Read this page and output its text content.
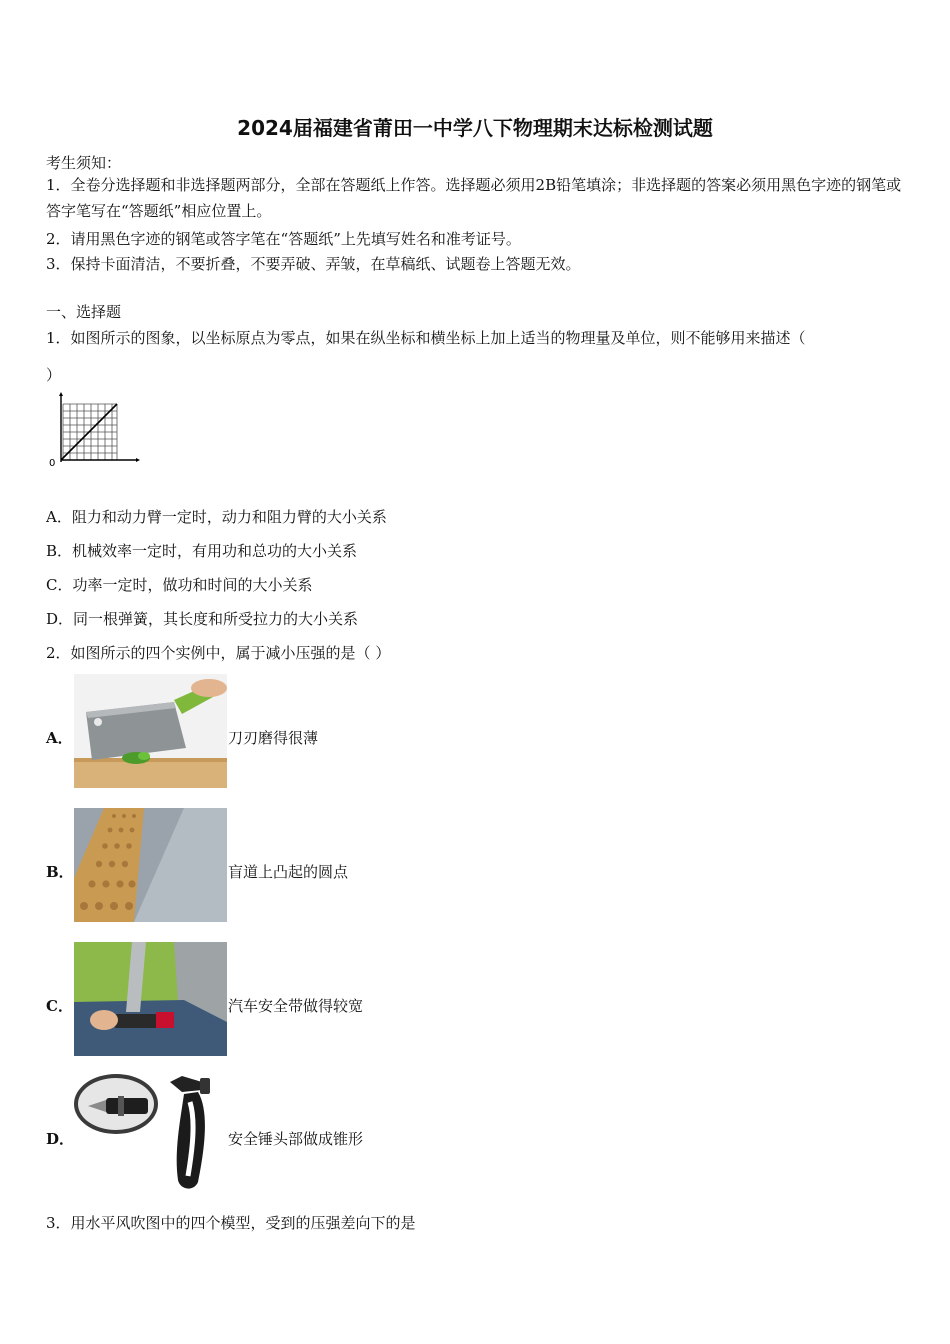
2024届福建省莆田一中学八下物理期末达标检测试题
考生须知：
1．全卷分选择题和非选择题两部分，全部在答题纸上作答。选择题必须用2B铅笔填涂；非选择题的答案必须用黑色字迹的钢笔或答字笔写在“答题纸”相应位置上。
2．请用黑色字迹的钢笔或答字笔在“答题纸”上先填写姓名和准考证号。
3．保持卡面清洁，不要折叠，不要弄破、弄皱，在草稿纸、试题卷上答题无效。
一、选择题
1．如图所示的图象，以坐标原点为零点，如果在纵坐标和横坐标上加上适当的物理量及单位，则不能够用来描述（
）
0
A．阻力和动力臂一定时，动力和阻力臂的大小关系
B．机械效率一定时，有用功和总功的大小关系
C．功率一定时，做功和时间的大小关系
D．同一根弹簧，其长度和所受拉力的大小关系
2．如图所示的四个实例中，属于减小压强的是（ ）
A．	刀刃磨得很薄
B．	盲道上凸起的圆点
C．	汽车安全带做得较宽
D．	安全锤头部做成锥形
3．用水平风吹图中的四个模型，受到的压强差向下的是
